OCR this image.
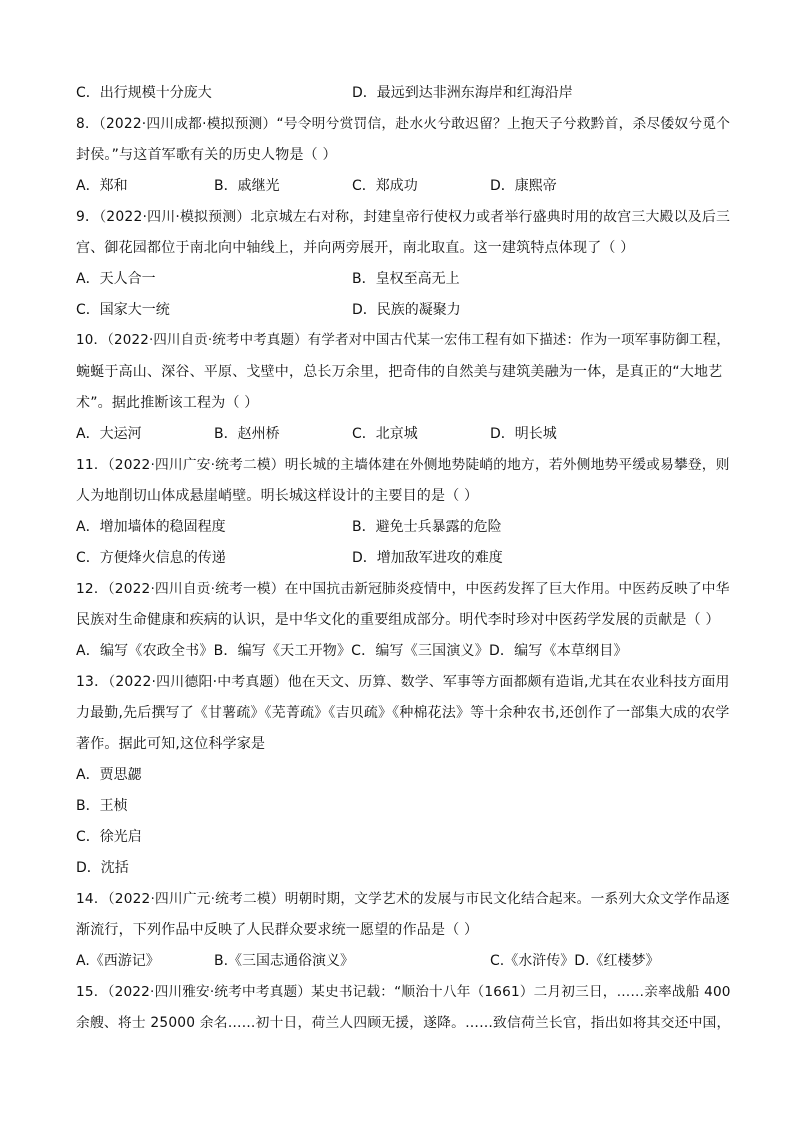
C．出行规模十分庞大	D．最远到达非洲东海岸和红海沿岸
8．（2022·四川成都·模拟预测）“号令明兮赏罚信，赴水火兮敢迟留？上抱天子兮救黔首，杀尽倭奴兮觅个
封侯。”与这首军歌有关的历史人物是（ ）
A．郑和	B．戚继光	C．郑成功	D．康熙帝
9．（2022·四川·模拟预测）北京城左右对称，封建皇帝行使权力或者举行盛典时用的故宫三大殿以及后三
宫、御花园都位于南北向中轴线上，并向两旁展开，南北取直。这一建筑特点体现了（ ）
A．天人合一	B．皇权至高无上
C．国家大一统	D．民族的凝聚力
10．（2022·四川自贡·统考中考真题）有学者对中国古代某一宏伟工程有如下描述：作为一项军事防御工程，
蜿蜒于高山、深谷、平原、戈壁中，总长万余里，把奇伟的自然美与建筑美融为一体，是真正的“大地艺
术”。据此推断该工程为（ ）
A．大运河	B．赵州桥	C．北京城	D．明长城
11．（2022·四川广安·统考二模）明长城的主墙体建在外侧地势陡峭的地方，若外侧地势平缓或易攀登，则
人为地削切山体成悬崖峭壁。明长城这样设计的主要目的是（ ）
A．增加墙体的稳固程度	B．避免士兵暴露的危险
C．方便烽火信息的传递	D．增加敌军进攻的难度
12．（2022·四川自贡·统考一模）在中国抗击新冠肺炎疫情中，中医药发挥了巨大作用。中医药反映了中华
民族对生命健康和疾病的认识，是中华文化的重要组成部分。明代李时珍对中医药学发展的贡献是（ ）
A．编写《农政全书》B．编写《天工开物》C．编写《三国演义》D．编写《本草纲目》
13．（2022·四川德阳·中考真题）他在天文、历算、数学、军事等方面都颇有造诣,尤其在农业科技方面用
力最勤,先后撰写了《甘薯疏》《芜菁疏》《吉贝疏》《种棉花法》等十余种农书,还创作了一部集大成的农学
著作。据此可知,这位科学家是
A．贾思勰
B．王桢
C．徐光启
D．沈括
14．（2022·四川广元·统考二模）明朝时期，文学艺术的发展与市民文化结合起来。一系列大众文学作品逐
渐流行，下列作品中反映了人民群众要求统一愿望的作品是（ ）
A.《西游记》	B.《三国志通俗演义》	C.《水浒传》D.《红楼梦》
15．（2022·四川雅安·统考中考真题）某史书记载：“顺治十八年（1661）二月初三日，……亲率战船 400
余艘、将士 25000 余名……初十日，荷兰人四顾无援，遂降。……致信荷兰长官，指出如将其交还中国，
